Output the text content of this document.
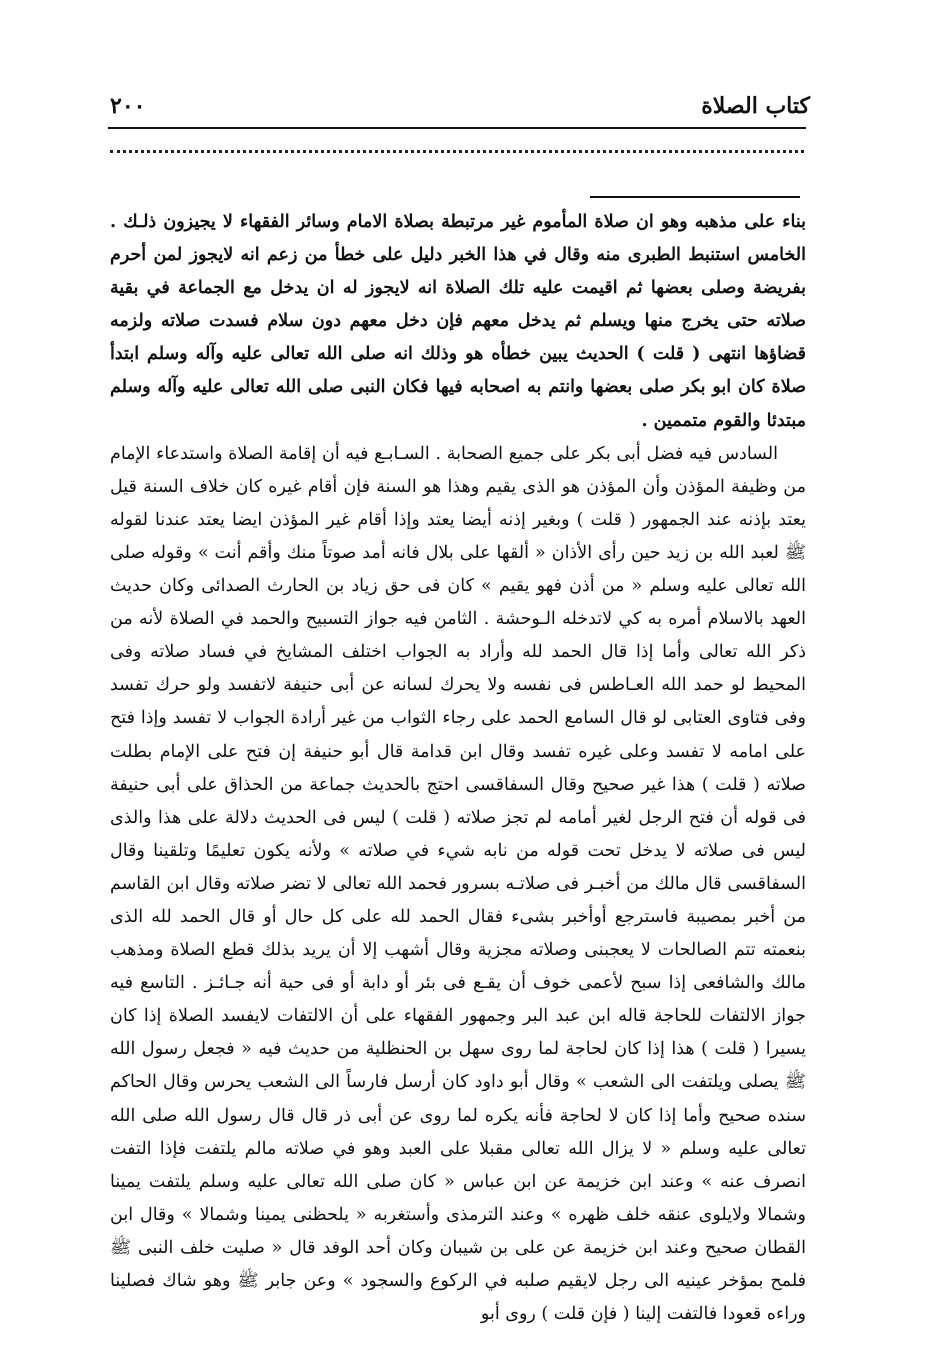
كتاب الصلاة
٢٠٠

بناء على مذهبه وهو ان صلاة المأموم غير مرتبطة بصلاة الامام وسائر الفقهاء لا يجيزون ذلـك . الخامس استنبط الطبرى منه وقال في هذا الخبر دليل على خطأ من زعم انه لايجوز لمن أحرم بفريضة وصلى بعضها ثم اقيمت عليه تلك الصلاة انه لايجوز له ان يدخل مع الجماعة في بقية صلاته حتى يخرج منها ويسلم ثم يدخل معهم فإن دخل معهم دون سلام فسدت صلاته ولزمه قضاؤها انتهى ( قلت ) الحديث يبين خطأه هو وذلك انه صلى الله تعالى عليه وآله وسلم ابتدأ صلاة كان ابو بكر صلى بعضها وانتم به اصحابه فيها فكان النبى صلى الله تعالى عليه وآله وسلم مبتدئا والقوم متممين .

السادس فيه فضل أبى بكر على جميع الصحابة . السـابـع فيه أن إقامة الصلاة واستدعاء الإمام من وظيفة المؤذن وأن المؤذن هو الذى يقيم وهذا هو السنة فإن أقام غيره كان خلاف السنة قيل يعتد بإذنه عند الجمهور ( قلت ) وبغير إذنه أيضا يعتد وإذا أقام غير المؤذن ايضا يعتد عندنا لقوله ﷺ لعبد الله بن زيد حين رأى الأذان « ألقها على بلال فانه أمد صوتاً منك وأقم أنت » وقوله صلى الله تعالى عليه وسلم « من أذن فهو يقيم » كان فى حق زياد بن الحارث الصدائى وكان حديث العهد بالاسلام أمره به كي لاتدخله الـوحشة . الثامن فيه جواز التسبيح والحمد في الصلاة لأنه من ذكر الله تعالى وأما إذا قال الحمد لله وأراد به الجواب اختلف المشايخ في فساد صلاته وفى المحيط لو حمد الله العـاطس فى نفسه ولا يحرك لسانه عن أبى حنيفة لاتفسد ولو حرك تفسد وفى فتاوى العتابى لو قال السامع الحمد على رجاء الثواب من غير أرادة الجواب لا تفسد وإذا فتح على امامه لا تفسد وعلى غيره تفسد وقال ابن قدامة قال أبو حنيفة إن فتح على الإمام بطلت صلاته ( قلت ) هذا غير صحيح وقال السفاقسى احتج بالحديث جماعة من الحذاق على أبى حنيفة فى قوله أن فتح الرجل لغير أمامه لم تجز صلاته ( قلت ) ليس فى الحديث دلالة على هذا والذى ليس فى صلاته لا يدخل تحت قوله من نابه شيء في صلاته » ولأنه يكون تعليمًا وتلقينا وقال السفاقسى قال مالك من أخبـر فى صلاتـه بسرور فحمد الله تعالى لا تضر صلاته وقال ابن القاسم من أخبر بمصيبة فاسترجع أوأخبر بشىء فقال الحمد لله على كل حال أو قال الحمد لله الذى بنعمته تتم الصالحات لا يعجبنى وصلاته مجزية وقال أشهب إلا أن يريد بذلك قطع الصلاة ومذهب مالك والشافعى إذا سبح لأعمى خوف أن يقـع فى بئر أو دابة أو فى حية أنه جـائـز . التاسع فيه جواز الالتفات للحاجة قاله ابن عبد البر وجمهور الفقهاء على أن الالتفات لايفسد الصلاة إذا كان يسيرا ( قلت ) هذا إذا كان لحاجة لما روى سهل بن الحنظلية من حديث فيه « فجعل رسول الله ﷺ يصلى ويلتفت الى الشعب » وقال أبو داود كان أرسل فارساً الى الشعب يحرس وقال الحاكم سنده صحيح وأما إذا كان لا لحاجة فأنه يكره لما روى عن أبى ذر قال قال رسول الله صلى الله تعالى عليه وسلم « لا يزال الله تعالى مقبلا على العبد وهو في صلاته مالم يلتفت فإذا التفت انصرف عنه » وعند ابن خزيمة عن ابن عباس « كان صلى الله تعالى عليه وسلم يلتفت يمينا وشمالا ولايلوى عنقه خلف ظهره » وعند الترمذى وأستغربه « يلحظنى يمينا وشمالا » وقال ابن القطان صحيح وعند ابن خزيمة عن على بن شيبان وكان أحد الوفد قال « صليت خلف النبى ﷺ فلمح بمؤخر عينيه الى رجل لايقيم صلبه في الركوع والسجود » وعن جابر ﷺ وهو شاك فصلينا وراءه قعودا فالتفت إلينا ( فإن قلت ) روى أبو
